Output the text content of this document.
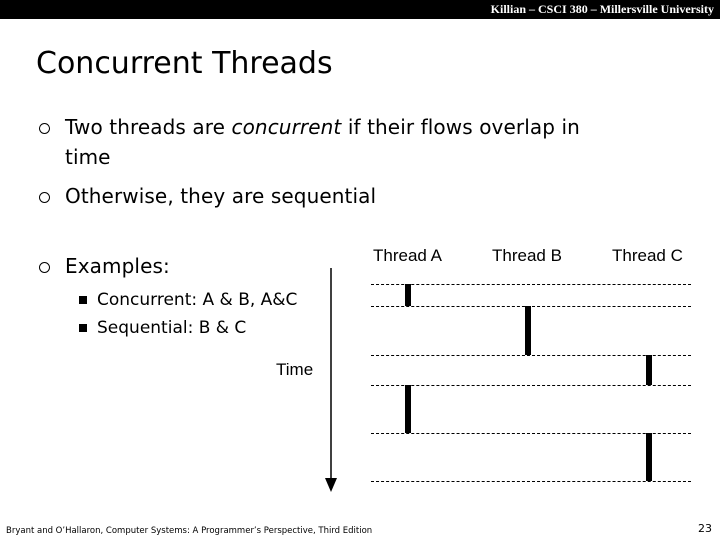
Killian – CSCI 380 – Millersville University
Concurrent Threads
Two threads are concurrent if their flows overlap in
time
Otherwise, they are sequential
Examples:
Concurrent: A & B, A&C
Sequential: B & C
Time
Thread A	Thread B	Thread C
Bryant and O’Hallaron, Computer Systems: A Programmer’s Perspective, Third Edition	23
